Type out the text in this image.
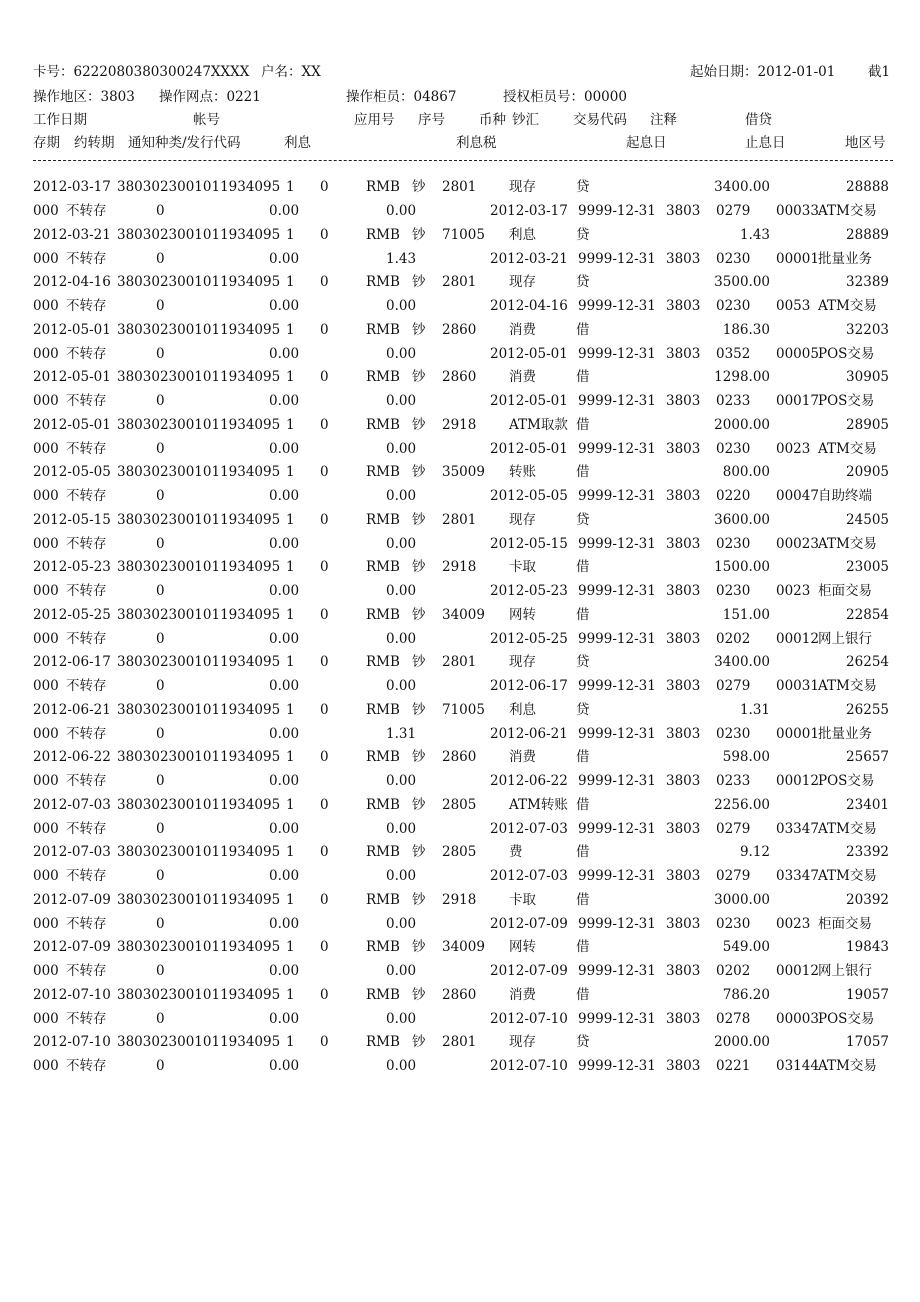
卡号：6222080380300247XXXX 户名：XX	起始日期：2012-01-01 截1
操作地区：3803 操作网点：0221	操作柜员：04867	授权柜员号：00000
工作日期	帐号	应用号 序号	币种 钞汇	交易代码 注释	借贷
存期 约转期 通知种类/发行代码	利息	利息税	起息日	止息日	地区号
2012-03-17 3803023001011934095 1 0	RMB 钞 2801 现存	贷	3400.00	28888
000 不转存	0	0.00	0.00	2012-03-17 9999-12-31 3803 0279 00033 ATM交易
2012-03-21 3803023001011934095 1 0	RMB 钞 71005 利息	贷	1.43	28889
000 不转存	0	0.00	1.43	2012-03-21 9999-12-31 3803 0230 00001 批量业务
2012-04-16 3803023001011934095 1 0	RMB 钞 2801 现存	贷	3500.00	32389
000 不转存	0	0.00	0.00	2012-04-16 9999-12-31 3803 0230 0053 ATM交易
2012-05-01 3803023001011934095 1 0	RMB 钞 2860 消费	借	186.30	32203
000 不转存	0	0.00	0.00	2012-05-01 9999-12-31 3803 0352 00005 POS交易
2012-05-01 3803023001011934095 1 0	RMB 钞 2860 消费	借	1298.00	30905
000 不转存	0	0.00	0.00	2012-05-01 9999-12-31 3803 0233 00017 POS交易
2012-05-01 3803023001011934095 1 0	RMB 钞 2918 ATM取款 借	2000.00	28905
000 不转存	0	0.00	0.00	2012-05-01 9999-12-31 3803 0230 0023 ATM交易
2012-05-05 3803023001011934095 1 0	RMB 钞 35009 转账	借	800.00	20905
000 不转存	0	0.00	0.00	2012-05-05 9999-12-31 3803 0220 00047 自助终端
2012-05-15 3803023001011934095 1 0	RMB 钞 2801 现存	贷	3600.00	24505
000 不转存	0	0.00	0.00	2012-05-15 9999-12-31 3803 0230 00023 ATM交易
2012-05-23 3803023001011934095 1 0	RMB 钞 2918 卡取	借	1500.00	23005
000 不转存	0	0.00	0.00	2012-05-23 9999-12-31 3803 0230 0023 柜面交易
2012-05-25 3803023001011934095 1 0	RMB 钞 34009 网转	借	151.00	22854
000 不转存	0	0.00	0.00	2012-05-25 9999-12-31 3803 0202 00012 网上银行
2012-06-17 3803023001011934095 1 0	RMB 钞 2801 现存	贷	3400.00	26254
000 不转存	0	0.00	0.00	2012-06-17 9999-12-31 3803 0279 00031 ATM交易
2012-06-21 3803023001011934095 1 0	RMB 钞 71005 利息	贷	1.31	26255
000 不转存	0	0.00	1.31	2012-06-21 9999-12-31 3803 0230 00001 批量业务
2012-06-22 3803023001011934095 1 0	RMB 钞 2860 消费	借	598.00	25657
000 不转存	0	0.00	0.00	2012-06-22 9999-12-31 3803 0233 00012 POS交易
2012-07-03 3803023001011934095 1 0	RMB 钞 2805 ATM转账 借	2256.00	23401
000 不转存	0	0.00	0.00	2012-07-03 9999-12-31 3803 0279 03347 ATM交易
2012-07-03 3803023001011934095 1 0	RMB 钞 2805 费	借	9.12	23392
000 不转存	0	0.00	0.00	2012-07-03 9999-12-31 3803 0279 03347 ATM交易
2012-07-09 3803023001011934095 1 0	RMB 钞 2918 卡取	借	3000.00	20392
000 不转存	0	0.00	0.00	2012-07-09 9999-12-31 3803 0230 0023 柜面交易
2012-07-09 3803023001011934095 1 0	RMB 钞 34009 网转	借	549.00	19843
000 不转存	0	0.00	0.00	2012-07-09 9999-12-31 3803 0202 00012 网上银行
2012-07-10 3803023001011934095 1 0	RMB 钞 2860 消费	借	786.20	19057
000 不转存	0	0.00	0.00	2012-07-10 9999-12-31 3803 0278 00003 POS交易
2012-07-10 3803023001011934095 1 0	RMB 钞 2801 现存	贷	2000.00	17057
000 不转存	0	0.00	0.00	2012-07-10 9999-12-31 3803 0221 03144 ATM交易
